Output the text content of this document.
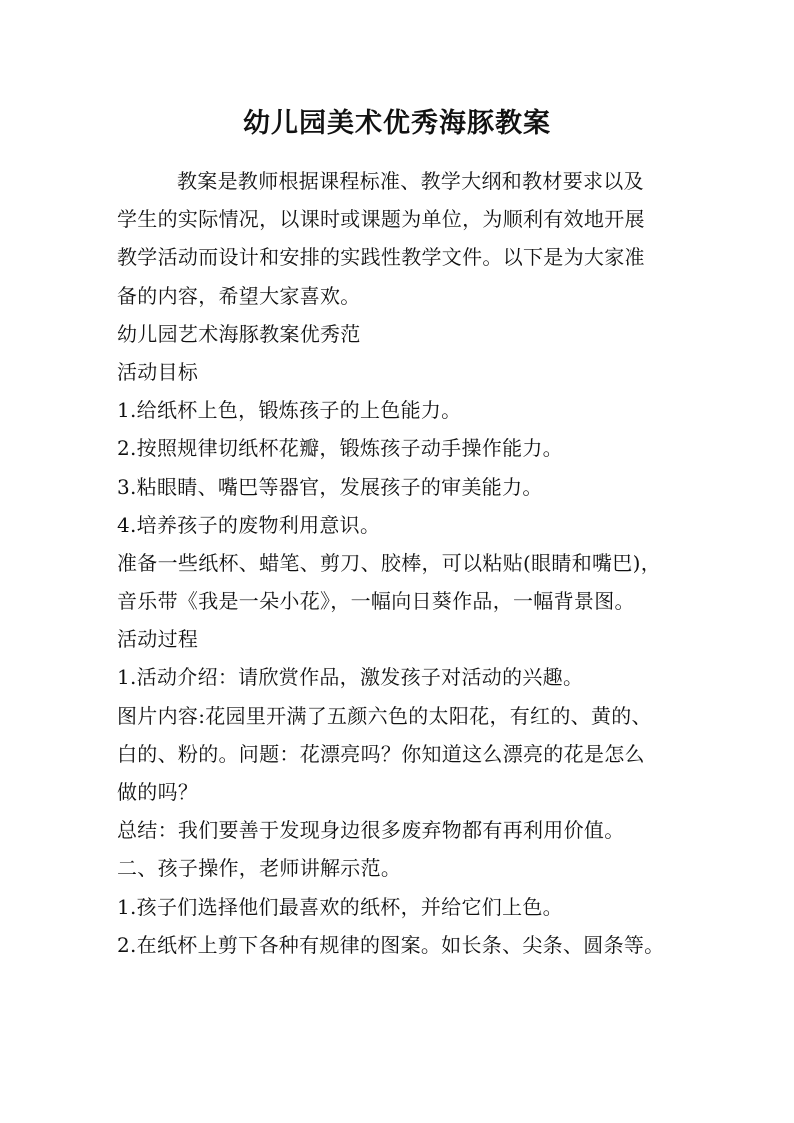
幼儿园美术优秀海豚教案
教案是教师根据课程标准、教学大纲和教材要求以及
学生的实际情况，以课时或课题为单位，为顺利有效地开展
教学活动而设计和安排的实践性教学文件。以下是为大家准
备的内容，希望大家喜欢。
幼儿园艺术海豚教案优秀范
活动目标
1.给纸杯上色，锻炼孩子的上色能力。
2.按照规律切纸杯花瓣，锻炼孩子动手操作能力。
3.粘眼睛、嘴巴等器官，发展孩子的审美能力。
4.培养孩子的废物利用意识。
准备一些纸杯、蜡笔、剪刀、胶棒，可以粘贴(眼睛和嘴巴)，
音乐带《我是一朵小花》，一幅向日葵作品，一幅背景图。
活动过程
1.活动介绍：请欣赏作品，激发孩子对活动的兴趣。
图片内容:花园里开满了五颜六色的太阳花，有红的、黄的、
白的、粉的。问题：花漂亮吗？你知道这么漂亮的花是怎么
做的吗？
总结：我们要善于发现身边很多废弃物都有再利用价值。
二、孩子操作，老师讲解示范。
1.孩子们选择他们最喜欢的纸杯，并给它们上色。
2.在纸杯上剪下各种有规律的图案。如长条、尖条、圆条等。
